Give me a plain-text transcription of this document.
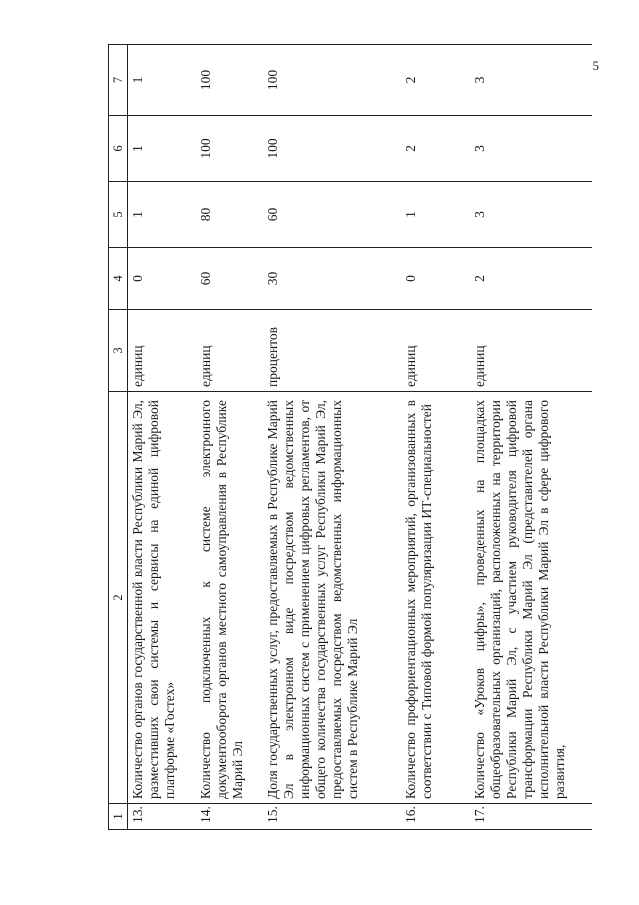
5
1	2	3	4	5	6	7
13.	Количество органов государственной власти Республики Марий Эл, разместивших свои системы и сервисы на единой цифровой платформе «Гостех»	единиц	0	1	1	1
14.	Количество подключенных к системе электронного документооборота органов местного самоуправления в Республике Марий Эл	единиц	60	80	100	100
15.	Доля государственных услуг, предоставляемых в Республике Марий Эл в электронном виде посредством ведомственных информационных систем с применением цифровых регламентов, от общего количества государственных услуг Республики Марий Эл, предоставляемых посредством ведомственных информационных систем в Республике Марий Эл	процентов	30	60	100	100
16.	Количество профориентационных мероприятий, организованных в соответствии с Типовой формой популяризации ИТ-специальностей	единиц	0	1	2	2
17.	Количество «Уроков цифры», проведенных на площадках общеобразовательных организаций, расположенных на территории Республики Марий Эл, с участием руководителя цифровой трансформации Республики Марий Эл (представителей органа исполнительной власти Республики Марий Эл в сфере цифрового развития,	единиц	2	3	3	3
